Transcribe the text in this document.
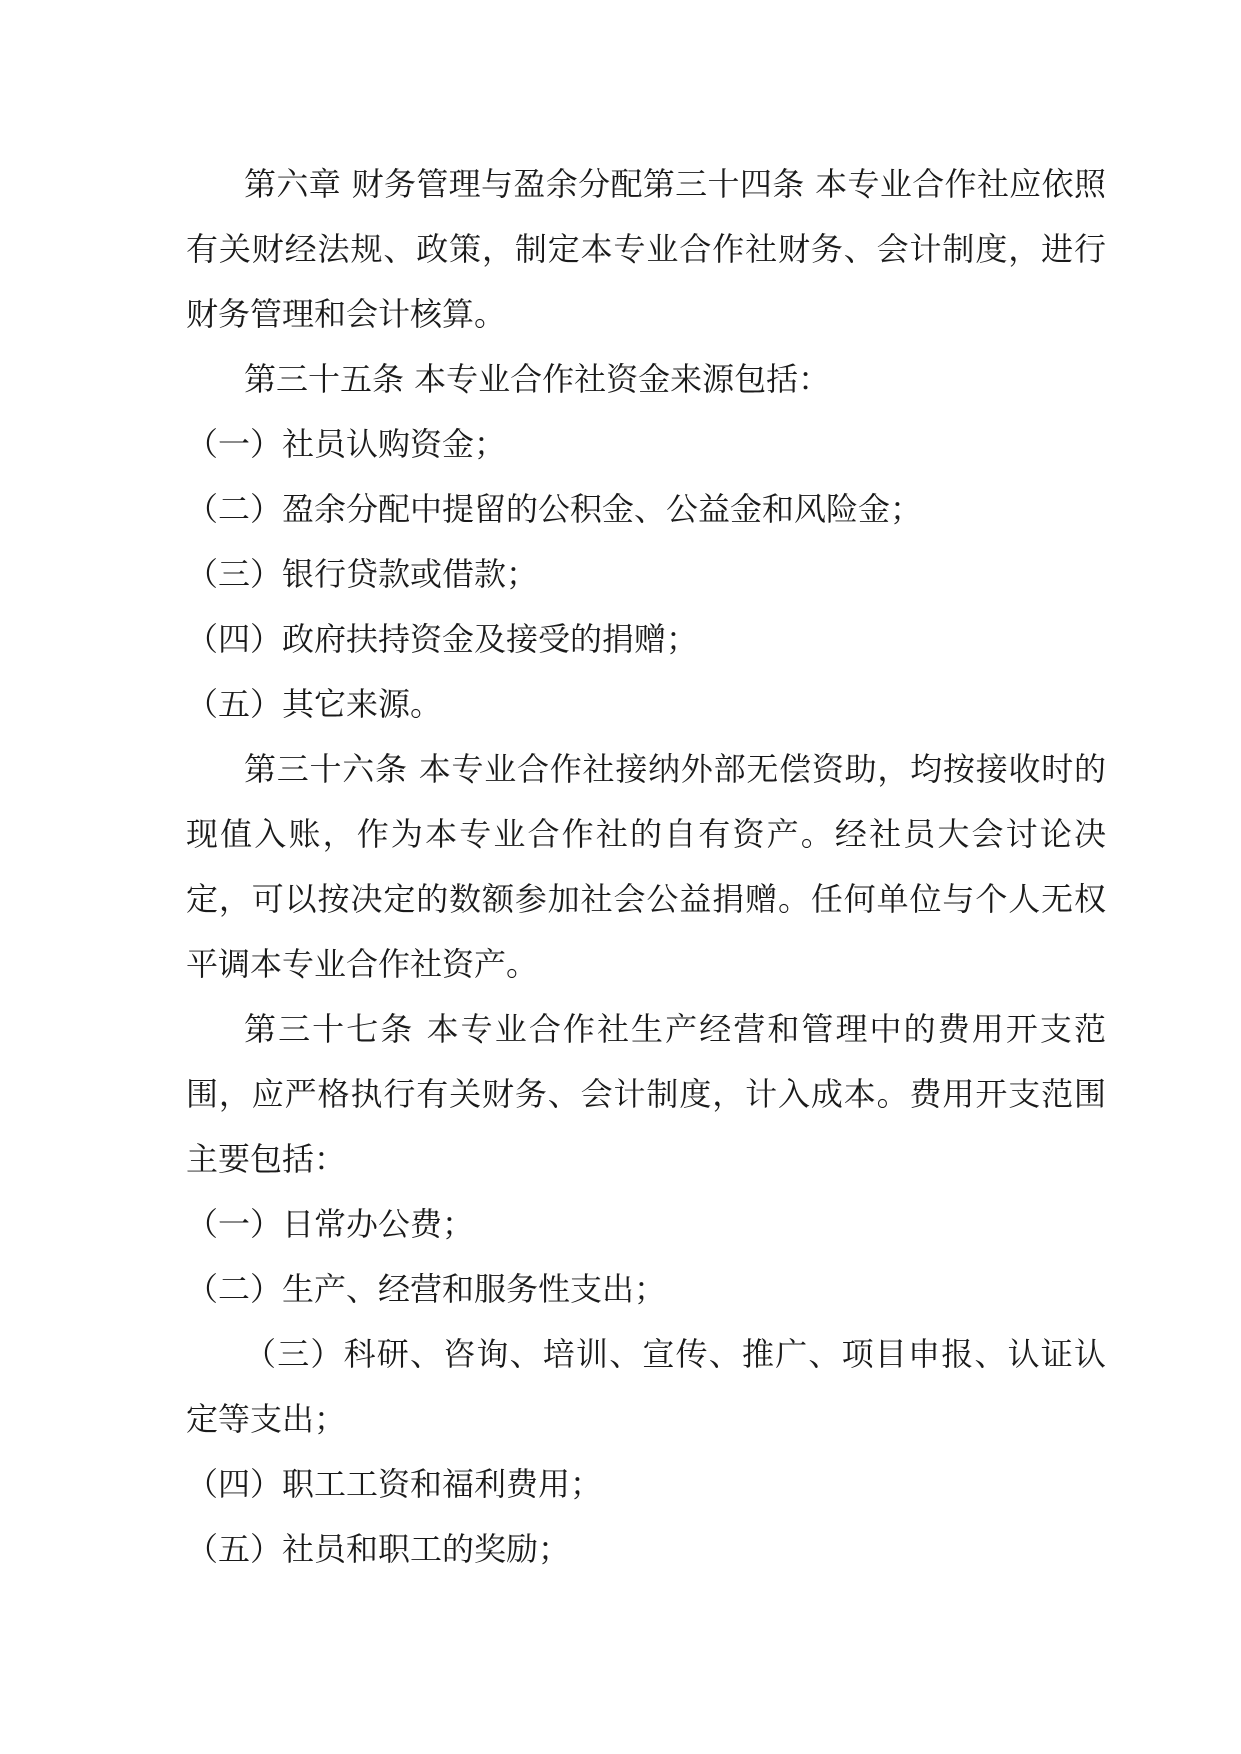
第六章 财务管理与盈余分配第三十四条 本专业合作社应依照有关财经法规、政策，制定本专业合作社财务、会计制度，进行财务管理和会计核算。

第三十五条 本专业合作社资金来源包括：

（一）社员认购资金；

（二）盈余分配中提留的公积金、公益金和风险金；

（三）银行贷款或借款；

（四）政府扶持资金及接受的捐赠；

（五）其它来源。

第三十六条 本专业合作社接纳外部无偿资助，均按接收时的现值入账，作为本专业合作社的自有资产。经社员大会讨论决定，可以按决定的数额参加社会公益捐赠。任何单位与个人无权平调本专业合作社资产。

第三十七条 本专业合作社生产经营和管理中的费用开支范围，应严格执行有关财务、会计制度，计入成本。费用开支范围主要包括：

（一）日常办公费；

（二）生产、经营和服务性支出；

（三）科研、咨询、培训、宣传、推广、项目申报、认证认定等支出；

（四）职工工资和福利费用；

（五）社员和职工的奖励；
